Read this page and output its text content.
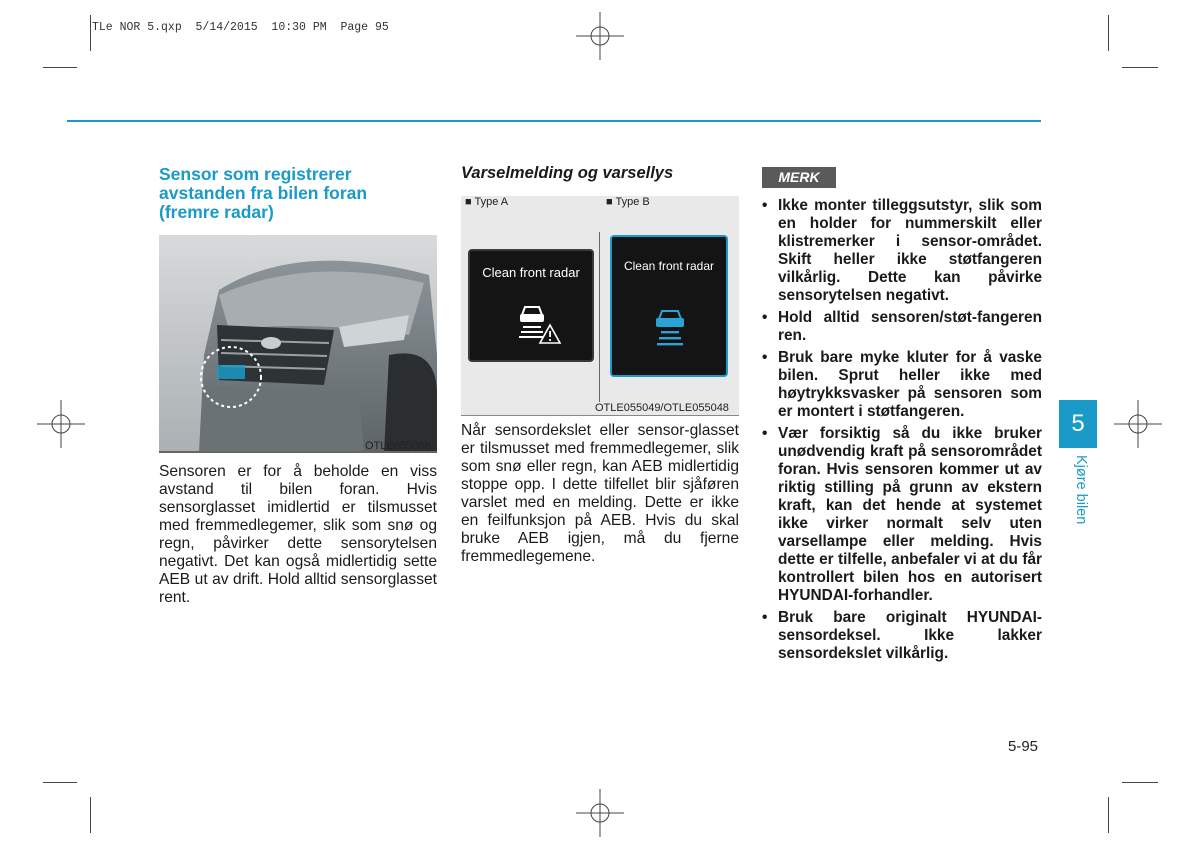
TLe NOR 5.qxp  5/14/2015  10:30 PM  Page 95
Sensor som registrerer avstanden fra bilen foran (fremre radar)
OTLE055088
Sensoren er for å beholde en viss avstand til bilen foran. Hvis sensorglasset imidlertid er tilsmusset med fremmedlegemer, slik som snø og regn, påvirker dette sensorytelsen negativt. Det kan også midlertidig sette AEB ut av drift. Hold alltid sensorglasset rent.
Varselmelding og varsellys
■ Type A	■ Type B
Clean front radar	Clean front radar
OTLE055049/OTLE055048
Når sensordekslet eller sensor-glasset er tilsmusset med fremmedlegemer, slik som snø eller regn, kan AEB midlertidig stoppe opp. I dette tilfellet blir sjåføren varslet med en melding. Dette er ikke en feilfunksjon på AEB. Hvis du skal bruke AEB igjen, må du fjerne fremmedlegemene.
MERK
• Ikke monter tilleggsutstyr, slik som en holder for nummerskilt eller klistremerker i sensor-området. Skift heller ikke støtfangeren vilkårlig. Dette kan påvirke sensorytelsen negativt.
• Hold alltid sensoren/støt-fangeren ren.
• Bruk bare myke kluter for å vaske bilen. Sprut heller ikke med høytrykksvasker på sensoren som er montert i støtfangeren.
• Vær forsiktig så du ikke bruker unødvendig kraft på sensorområdet foran. Hvis sensoren kommer ut av riktig stilling på grunn av ekstern kraft, kan det hende at systemet ikke virker normalt selv uten varsellampe eller melding. Hvis dette er tilfelle, anbefaler vi at du får kontrollert bilen hos en autorisert HYUNDAI-forhandler.
• Bruk bare originalt HYUNDAI-sensordeksel. Ikke lakker sensordekslet vilkårlig.
5
Kjøre bilen
5-95
